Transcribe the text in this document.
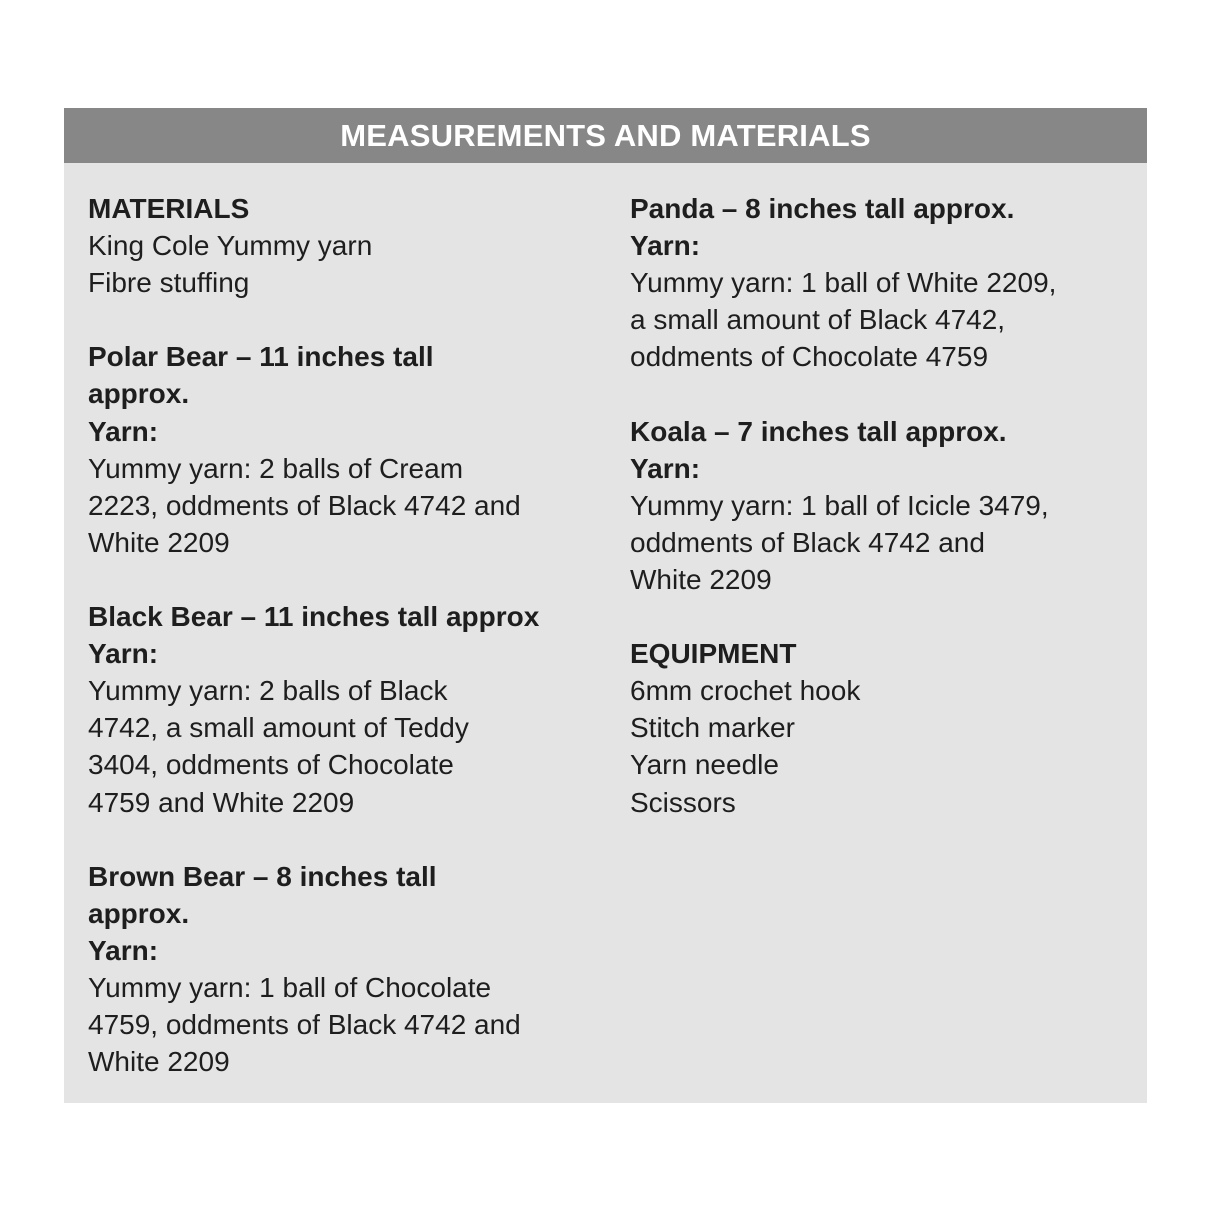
MEASUREMENTS AND MATERIALS
MATERIALS
King Cole Yummy yarn
Fibre stuffing
Polar Bear – 11 inches tall
approx.
Yarn:
Yummy yarn: 2 balls of Cream
2223, oddments of Black 4742 and
White 2209
Black Bear – 11 inches tall approx
Yarn:
Yummy yarn: 2 balls of Black
4742, a small amount of Teddy
3404, oddments of Chocolate
4759 and White 2209
Brown Bear – 8 inches tall
approx.
Yarn:
Yummy yarn: 1 ball of Chocolate
4759, oddments of Black 4742 and
White 2209
Panda – 8 inches tall approx.
Yarn:
Yummy yarn: 1 ball of White 2209,
a small amount of Black 4742,
oddments of Chocolate 4759
Koala – 7 inches tall approx.
Yarn:
Yummy yarn: 1 ball of Icicle 3479,
oddments of Black 4742 and
White 2209
EQUIPMENT
6mm crochet hook
Stitch marker
Yarn needle
Scissors
